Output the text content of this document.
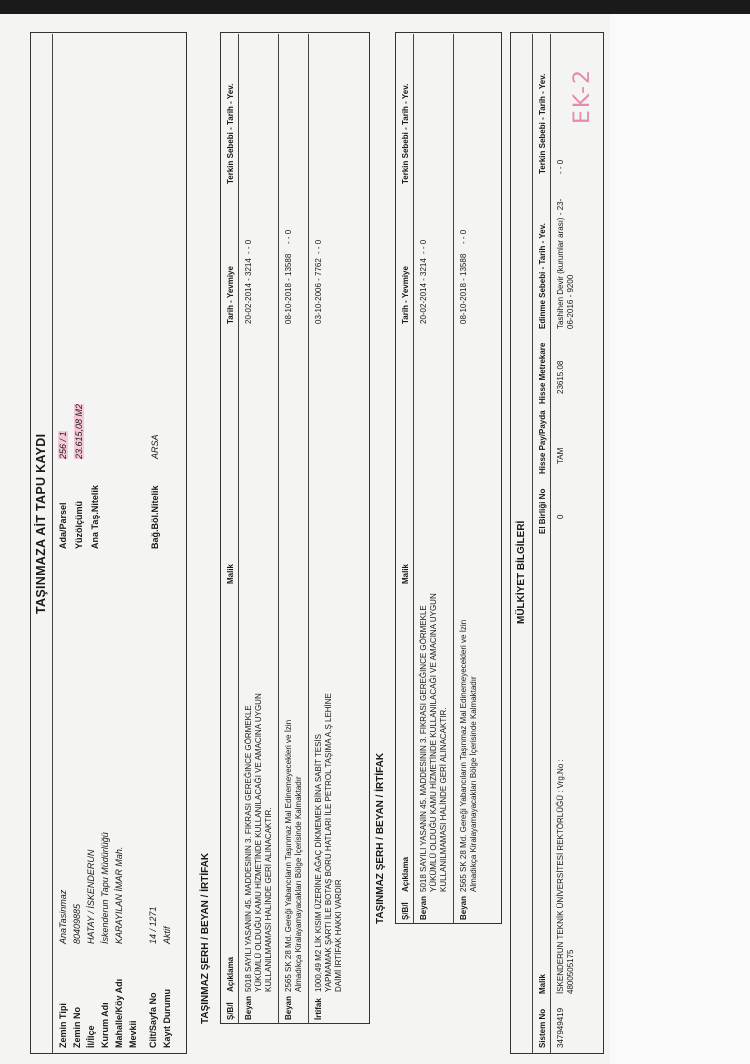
EK-2
TAŞINMAZA AİT TAPU KAYDI
Zemin Tipi
AnaTasinmaz
Zemin No
80409885
İl/İlçe
HATAY / İSKENDERUN
Kurum Adı
İskenderun Tapu Müdürlüğü
Mahalle/Köy Adı
KARAYILAN İMAR Mah.
Mevkii Cilt/Sayfa No
14 / 1271
Kayıt Durumu
Aktif
Ada/Parsel
256 / 1
Yüzölçümü
23.615,08 M2
Ana Taş.Nitelik	Bağ.Böl.Nitelik
ARSA
TAŞINMAZ ŞERH / BEYAN / İRTİFAK Ş/B/İ
Açıklama
Malik
Tarih - Yevmiye
Terkin Sebebi - Tarih - Yev.
Beyan
5018 SAYILI YASANIN 45. MADDESININ 3. FIKRASI GEREĞINCE GÖRMEKLE YÜKÜMLÜ OLDUĞU KAMU HİZMETİNDE KULLANILACAĞI VE AMACINA UYGUN KULLANILMAMASI HALİNDE GERİ ALINACAKTIR.
20-02-2014 - 3214
- - 0
Beyan
2565 SK 28 Md. Gereği Yabancıların Taşınmaz Mal Edinemeyecekleri ve İzin Almadıkça Kiralayamayacakları Bölge İçerisinde Kalmaktadır
08-10-2018 - 13588
- - 0
İrtifak
1000,49 M2 LİK KISIM ÜZERİNE AĞAÇ DİKMEMEK BİNA SABİT TESİS YAPMAMAK ŞARTI İLE BOTAŞ BORU HATLARI İLE PETROL TAŞIMA A.Ş LEHİNE DAİMİ İRTİFAK HAKKI VARDIR
03-10-2006 - 7762
- - 0
TAŞINMAZ ŞERH / BEYAN / İRTİFAK Ş/B/İ
Açıklama
Malik
Tarih - Yevmiye
Terkin Sebebi - Tarih - Yev.
Beyan
5018 SAYILI YASANIN 45. MADDESININ 3. FIKRASI GEREĞINCE GÖRMEKLE YÜKÜMLÜ OLDUĞU KAMU HİZMETİNDE KULLANILACAĞI VE AMACINA UYGUN KULLANILMAMASI HALİNDE GERİ ALINACAKTIR.
20-02-2014 - 3214
- - 0
Beyan
2565 SK 28 Md. Gereği Yabancıların Taşınmaz Mal Edinemeyecekleri ve İzin Almadıkça Kiralayamayacakları Bölge İçerisinde Kalmaktadır
08-10-2018 - 13588
- - 0
MÜLKİYET BİLGİLERİ
Sistem No
Malik
El Birliği No
Hisse Pay/Payda
Hisse Metrekare
Edinme Sebebi - Tarih - Yev.
Terkin Sebebi - Tarih - Yev.
347949419
İSKENDERUN TEKNİK ÜNİVERSİTESİ REKTÖRLÜĞÜ : Vrg.No : 4800505175
0
TAM
23615.08
Tashihen Devir (kurumlar arası) - 23- 06-2016 - 9200
- - 0
